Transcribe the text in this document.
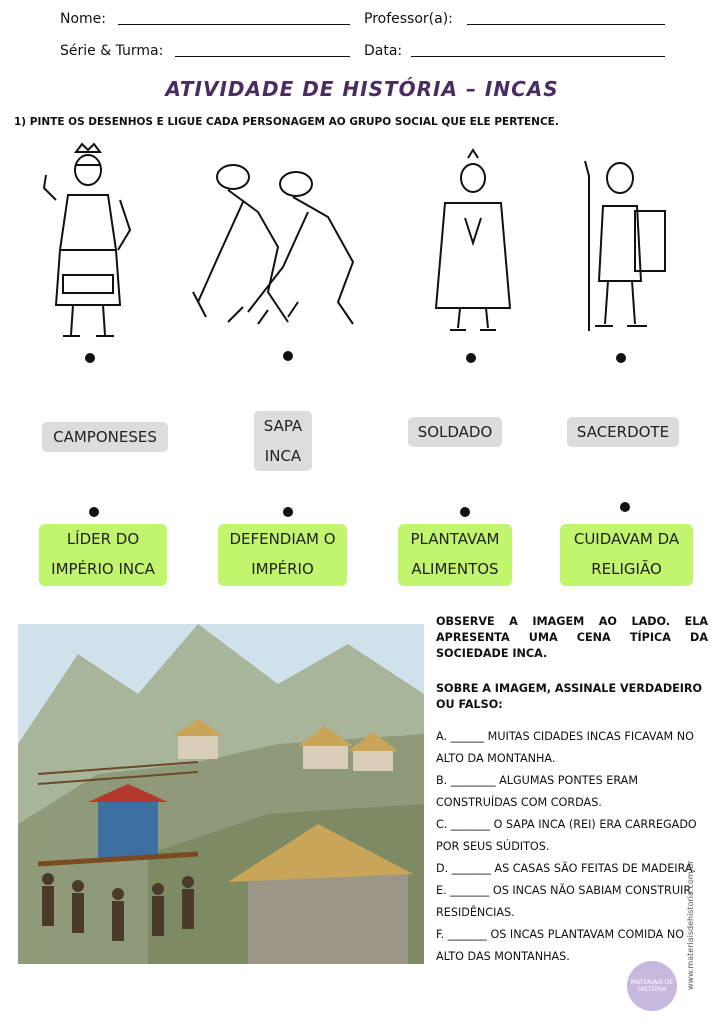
Nome:	Professor(a):
Série & Turma:	Data:
ATIVIDADE DE HISTÓRIA – INCAS
1) PINTE OS DESENHOS E LIGUE CADA PERSONAGEM AO GRUPO SOCIAL QUE ELE PERTENCE.
CAMPONESES
SAPA
INCA
SOLDADO	SACERDOTE
LÍDER DO
IMPÉRIO INCA
DEFENDIAM O
IMPÉRIO
PLANTAVAM
ALIMENTOS
CUIDAVAM DA
RELIGIÃO
OBSERVE A IMAGEM AO LADO. ELA APRESENTA UMA CENA TÍPICA DA SOCIEDADE INCA.
SOBRE A IMAGEM, ASSINALE VERDADEIRO OU FALSO:
A. ______ MUITAS CIDADES INCAS FICAVAM NO ALTO DA MONTANHA.
B. ________ ALGUMAS PONTES ERAM CONSTRUÍDAS COM CORDAS.
C. _______ O SAPA INCA (REI) ERA CARREGADO POR SEUS SÚDITOS.
D. _______ AS CASAS SÃO FEITAS DE MADEIRA.
E. _______ OS INCAS NÃO SABIAM CONSTRUIR RESIDÊNCIAS.
F. _______ OS INCAS PLANTAVAM COMIDA NO ALTO DAS MONTANHAS.	www.materiaisdehistoria.com.br
MATERIAIS DE HISTÓRIA
